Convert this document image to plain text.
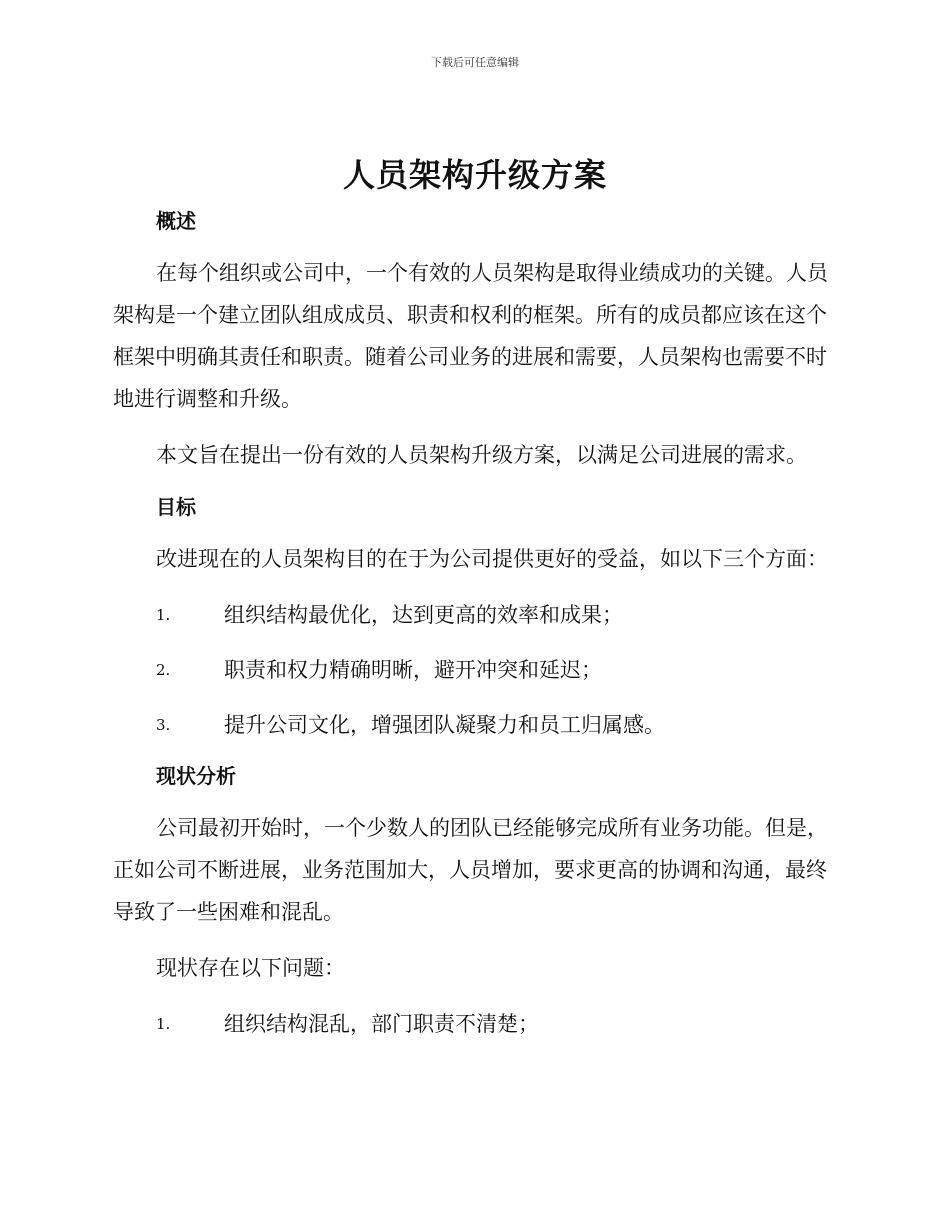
下载后可任意编辑
人员架构升级方案
概述
在每个组织或公司中，一个有效的人员架构是取得业绩成功的关键。人员架构是一个建立团队组成成员、职责和权利的框架。所有的成员都应该在这个框架中明确其责任和职责。随着公司业务的进展和需要，人员架构也需要不时地进行调整和升级。
本文旨在提出一份有效的人员架构升级方案，以满足公司进展的需求。
目标
改进现在的人员架构目的在于为公司提供更好的受益，如以下三个方面：
1.	组织结构最优化，达到更高的效率和成果；
2.	职责和权力精确明晰，避开冲突和延迟；
3.	提升公司文化，增强团队凝聚力和员工归属感。
现状分析
公司最初开始时，一个少数人的团队已经能够完成所有业务功能。但是，正如公司不断进展，业务范围加大，人员增加，要求更高的协调和沟通，最终导致了一些困难和混乱。
现状存在以下问题：
1.	组织结构混乱，部门职责不清楚；
